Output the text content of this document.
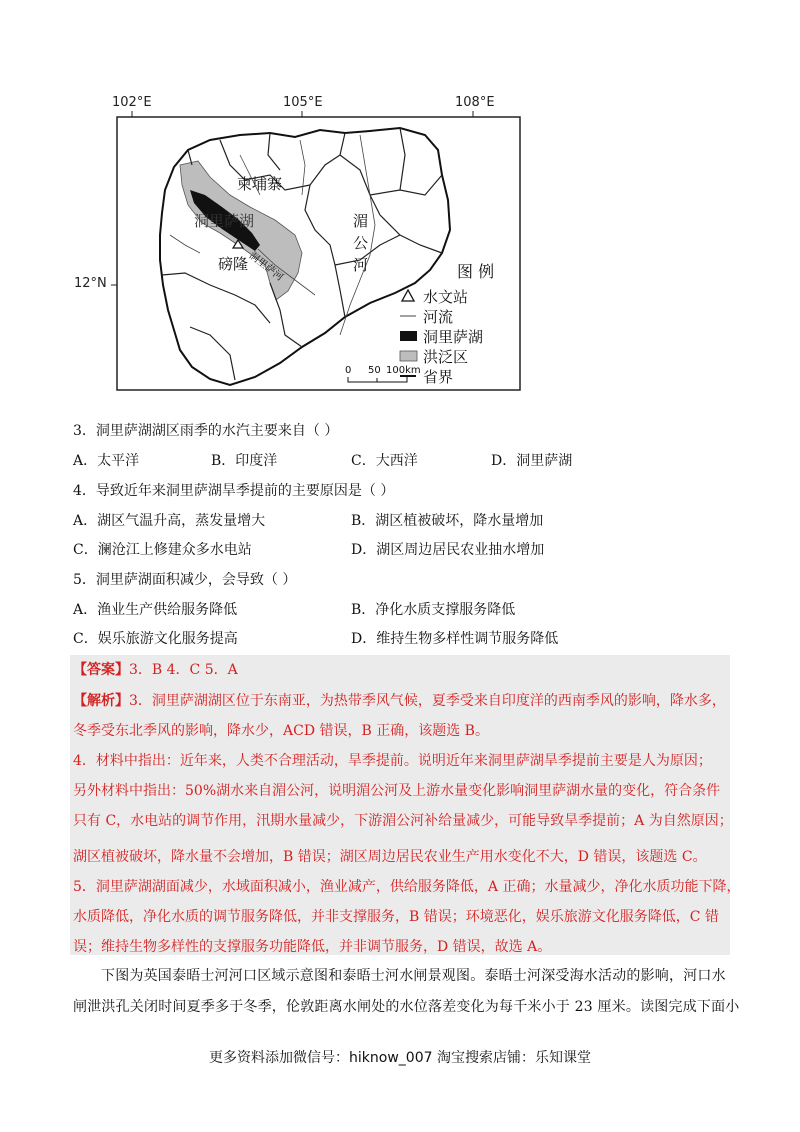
102°E	105°E	108°E
12°N
柬埔寨
洞里萨湖
洞里萨河
磅隆
湄
公
河	图 例
水文站
河流
洞里萨湖
洪泛区
省界
0 50 100km
3．洞里萨湖湖区雨季的水汽主要来自（ ）
A．太平洋	B．印度洋	C．大西洋	D．洞里萨湖
4．导致近年来洞里萨湖旱季提前的主要原因是（ ）
A．湖区气温升高，蒸发量增大	B．湖区植被破坏，降水量增加
C．澜沧江上修建众多水电站	D．湖区周边居民农业抽水增加
5．洞里萨湖面积减少，会导致（ ）
A．渔业生产供给服务降低	B．净化水质支撑服务降低
C．娱乐旅游文化服务提高	D．维持生物多样性调节服务降低
【答案】3．B 4．C 5．A
【解析】3．洞里萨湖湖区位于东南亚，为热带季风气候，夏季受来自印度洋的西南季风的影响，降水多，
冬季受东北季风的影响，降水少，ACD 错误，B 正确，该题选 B。
4．材料中指出：近年来，人类不合理活动，旱季提前。说明近年来洞里萨湖旱季提前主要是人为原因；
另外材料中指出：50%湖水来自湄公河，说明湄公河及上游水量变化影响洞里萨湖水量的变化，符合条件
只有 C，水电站的调节作用，汛期水量减少，下游湄公河补给量减少，可能导致旱季提前；A 为自然原因；
湖区植被破坏，降水量不会增加，B 错误；湖区周边居民农业生产用水变化不大，D 错误，该题选 C。
5．洞里萨湖湖面减少，水域面积减小，渔业减产，供给服务降低，A 正确；水量减少，净化水质功能下降，
水质降低，净化水质的调节服务降低，并非支撑服务，B 错误；环境恶化，娱乐旅游文化服务降低，C 错
误；维持生物多样性的支撑服务功能降低，并非调节服务，D 错误，故选 A。
下图为英国泰晤士河河口区域示意图和泰晤士河水闸景观图。泰晤士河深受海水活动的影响，河口水
闸泄洪孔关闭时间夏季多于冬季，伦敦距离水闸处的水位落差变化为每千米小于 23 厘米。读图完成下面小
更多资料添加微信号：hiknow_007 淘宝搜索店铺：乐知课堂
